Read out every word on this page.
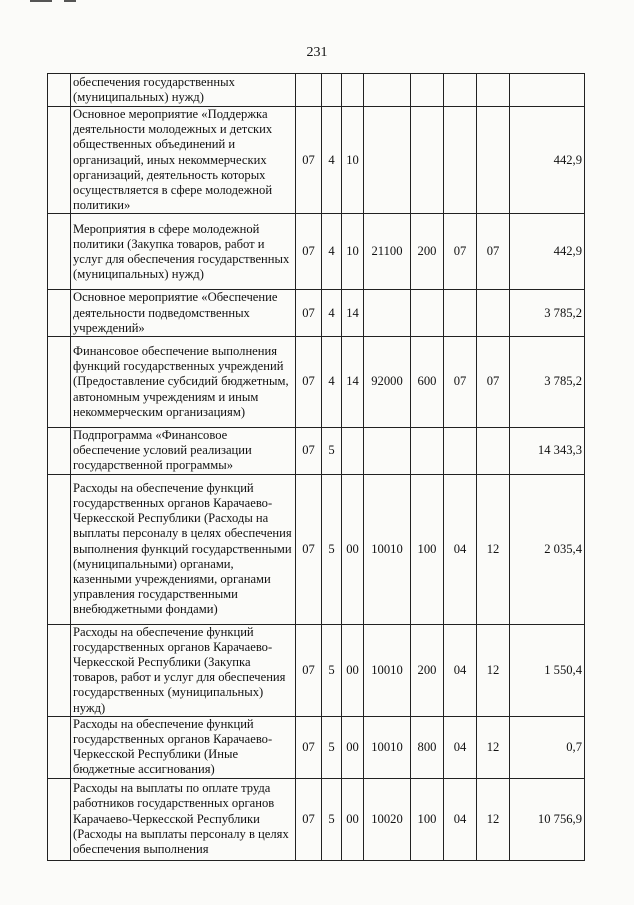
231
	обеспечения государственных (муниципальных) нужд)								
	Основное мероприятие «Поддержка деятельности молодежных и детских общественных объединений и организаций, иных некоммерческих организаций, деятельность которых осуществляется в сфере молодежной политики»	07	4	10					442,9
	Мероприятия в сфере молодежной политики (Закупка товаров, работ и услуг для обеспечения государственных (муниципальных) нужд)	07	4	10	21100	200	07	07	442,9
	Основное мероприятие «Обеспечение деятельности подведомственных учреждений»	07	4	14					3 785,2
	Финансовое обеспечение выполнения функций государственных учреждений (Предоставление субсидий бюджетным, автономным учреждениям и иным некоммерческим организациям)	07	4	14	92000	600	07	07	3 785,2
	Подпрограмма «Финансовое обеспечение условий реализации государственной программы»	07	5						14 343,3
	Расходы на обеспечение функций государственных органов Карачаево-Черкесской Республики (Расходы на выплаты персоналу в целях обеспечения выполнения функций государственными (муниципальными) органами, казенными учреждениями, органами управления государственными внебюджетными фондами)	07	5	00	10010	100	04	12	2 035,4
	Расходы на обеспечение функций государственных органов Карачаево-Черкесской Республики (Закупка товаров, работ и услуг для обеспечения государственных (муниципальных) нужд)	07	5	00	10010	200	04	12	1 550,4
	Расходы на обеспечение функций государственных органов Карачаево-Черкесской Республики (Иные бюджетные ассигнования)	07	5	00	10010	800	04	12	0,7
	Расходы на выплаты по оплате труда работников государственных органов Карачаево-Черкесской Республики (Расходы на выплаты персоналу в целях обеспечения выполнения	07	5	00	10020	100	04	12	10 756,9
